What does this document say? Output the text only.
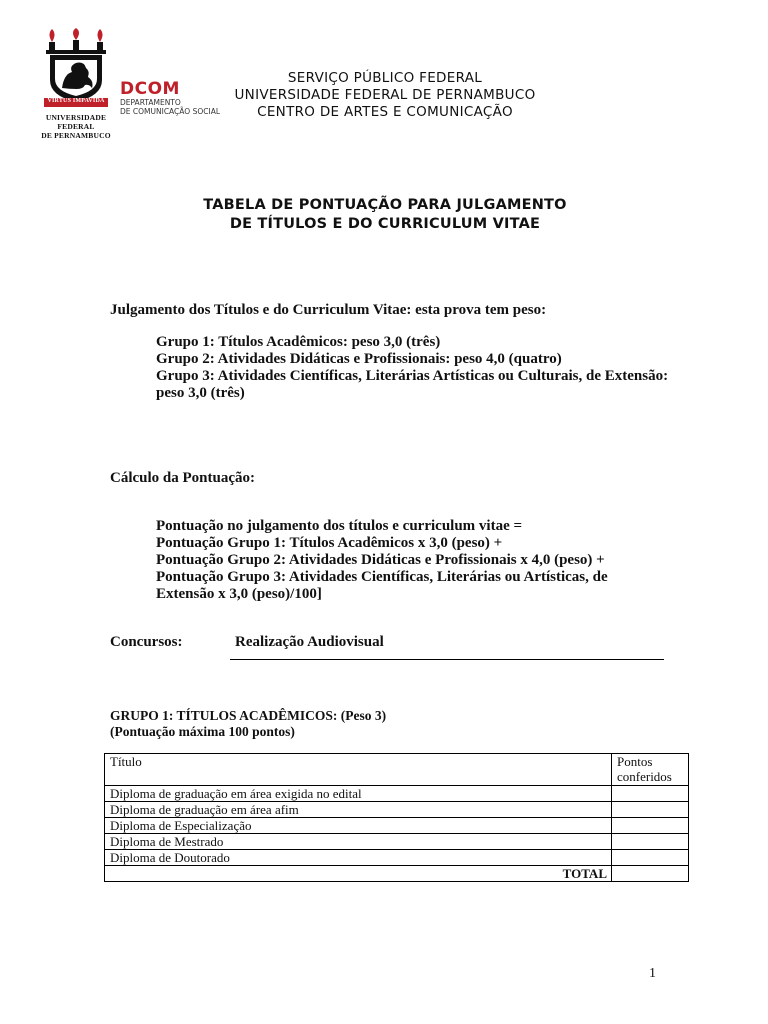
VIRTUS IMPAVIDA
UNIVERSIDADE
FEDERAL
DE PERNAMBUCO
DCOM
DEPARTAMENTO
DE COMUNICAÇÃO SOCIAL
SERVIÇO PÚBLICO FEDERAL
UNIVERSIDADE FEDERAL DE PERNAMBUCO
CENTRO DE ARTES E COMUNICAÇÃO
TABELA DE PONTUAÇÃO PARA JULGAMENTO
DE TÍTULOS E DO CURRICULUM VITAE
Julgamento dos Títulos e do Curriculum Vitae: esta prova tem peso:
Grupo 1: Títulos Acadêmicos: peso 3,0 (três)
Grupo 2: Atividades Didáticas e Profissionais: peso 4,0 (quatro)
Grupo 3: Atividades Científicas, Literárias Artísticas ou Culturais, de Extensão:
peso 3,0 (três)
Cálculo da Pontuação:
Pontuação no julgamento dos títulos e curriculum vitae =
Pontuação Grupo 1: Títulos Acadêmicos x 3,0 (peso) +
Pontuação Grupo 2: Atividades Didáticas e Profissionais x 4,0 (peso) +
Pontuação Grupo 3: Atividades Científicas, Literárias ou Artísticas, de
Extensão x 3,0 (peso)/100]
Concursos:	Realização Audiovisual
GRUPO 1: TÍTULOS ACADÊMICOS: (Peso 3)
(Pontuação máxima 100 pontos)
Título	Pontos
conferidos

Diploma de graduação em área exigida no edital	
Diploma de graduação em área afim	
Diploma de Especialização	
Diploma de Mestrado	
Diploma de Doutorado	
TOTAL	
1
